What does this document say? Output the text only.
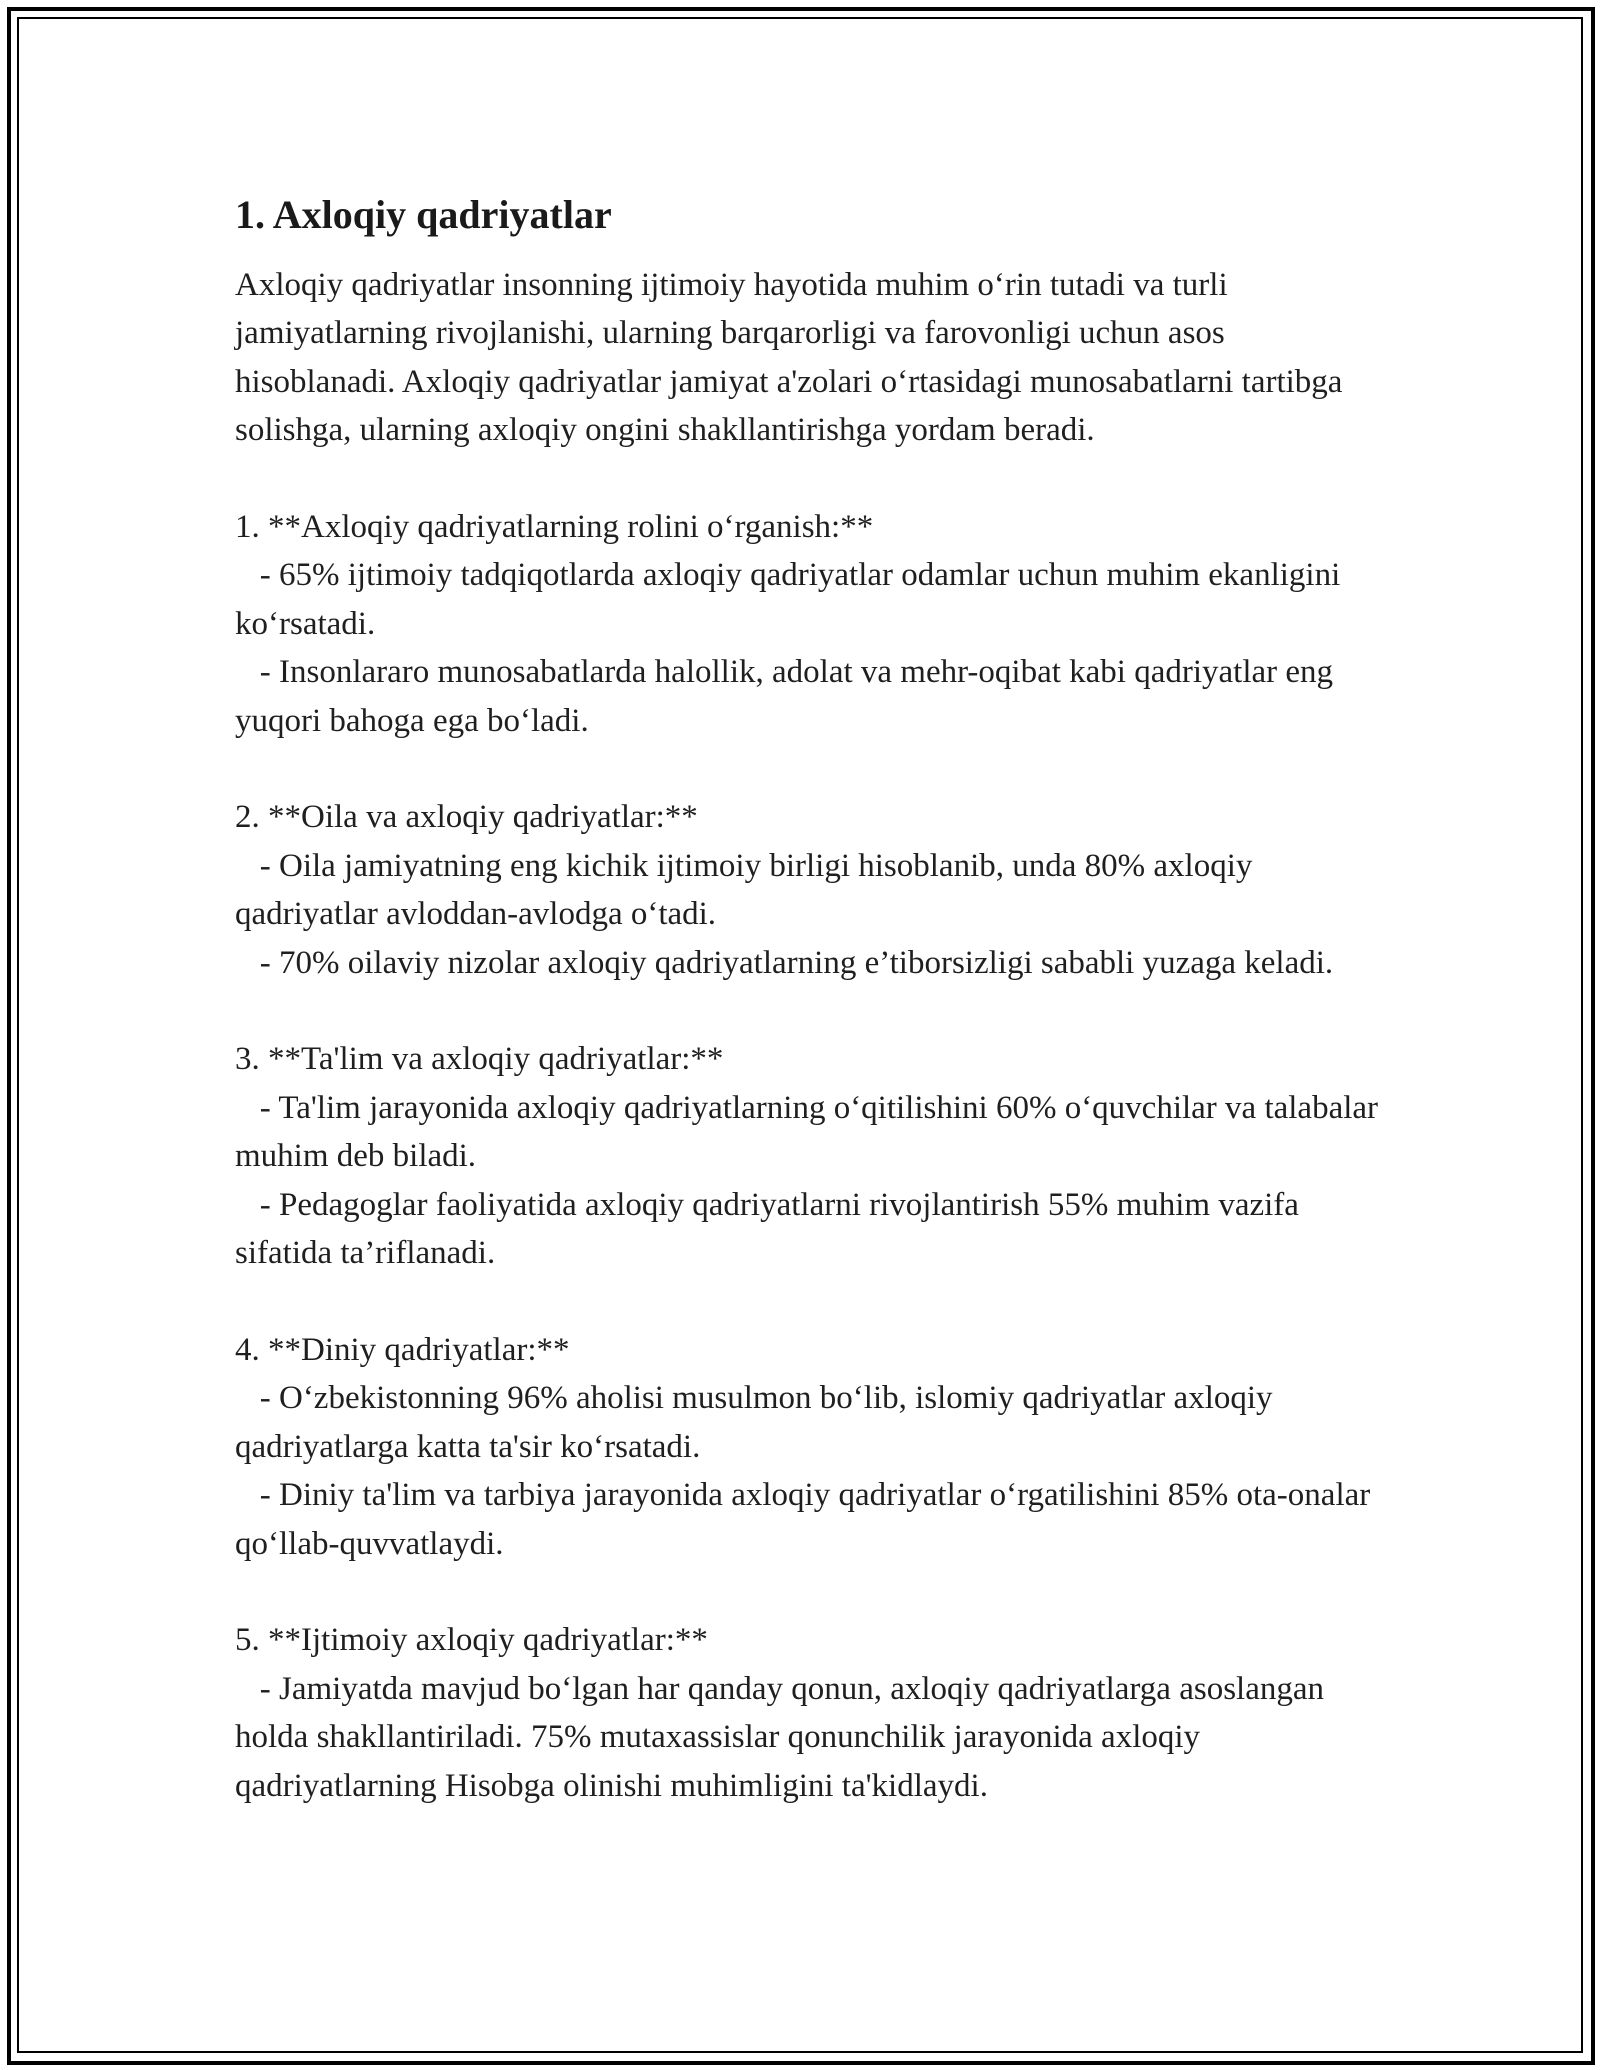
1. Axloqiy qadriyatlar

Axloqiy qadriyatlar insonning ijtimoiy hayotida muhim o‘rin tutadi va turli jamiyatlarning rivojlanishi, ularning barqarorligi va farovonligi uchun asos hisoblanadi. Axloqiy qadriyatlar jamiyat a'zolari o‘rtasidagi munosabatlarni tartibga solishga, ularning axloqiy ongini shakllantirishga yordam beradi.

1. **Axloqiy qadriyatlarning rolini o‘rganish:**
- 65% ijtimoiy tadqiqotlarda axloqiy qadriyatlar odamlar uchun muhim ekanligini ko‘rsatadi.
- Insonlararo munosabatlarda halollik, adolat va mehr-oqibat kabi qadriyatlar eng yuqori bahoga ega bo‘ladi.
2. **Oila va axloqiy qadriyatlar:**
- Oila jamiyatning eng kichik ijtimoiy birligi hisoblanib, unda 80% axloqiy qadriyatlar avloddan-avlodga o‘tadi.
- 70% oilaviy nizolar axloqiy qadriyatlarning e’tiborsizligi sababli yuzaga keladi.
3. **Ta'lim va axloqiy qadriyatlar:**
- Ta'lim jarayonida axloqiy qadriyatlarning o‘qitilishini 60% o‘quvchilar va talabalar muhim deb biladi.
- Pedagoglar faoliyatida axloqiy qadriyatlarni rivojlantirish 55% muhim vazifa sifatida ta’riflanadi.
4. **Diniy qadriyatlar:**
- O‘zbekistonning 96% aholisi musulmon bo‘lib, islomiy qadriyatlar axloqiy qadriyatlarga katta ta'sir ko‘rsatadi.
- Diniy ta'lim va tarbiya jarayonida axloqiy qadriyatlar o‘rgatilishini 85% ota-onalar qo‘llab-quvvatlaydi.
5. **Ijtimoiy axloqiy qadriyatlar:**
- Jamiyatda mavjud bo‘lgan har qanday qonun, axloqiy qadriyatlarga asoslangan holda shakllantiriladi. 75% mutaxassislar qonunchilik jarayonida axloqiy qadriyatlarning Hisobga olinishi muhimligini ta'kidlaydi.
